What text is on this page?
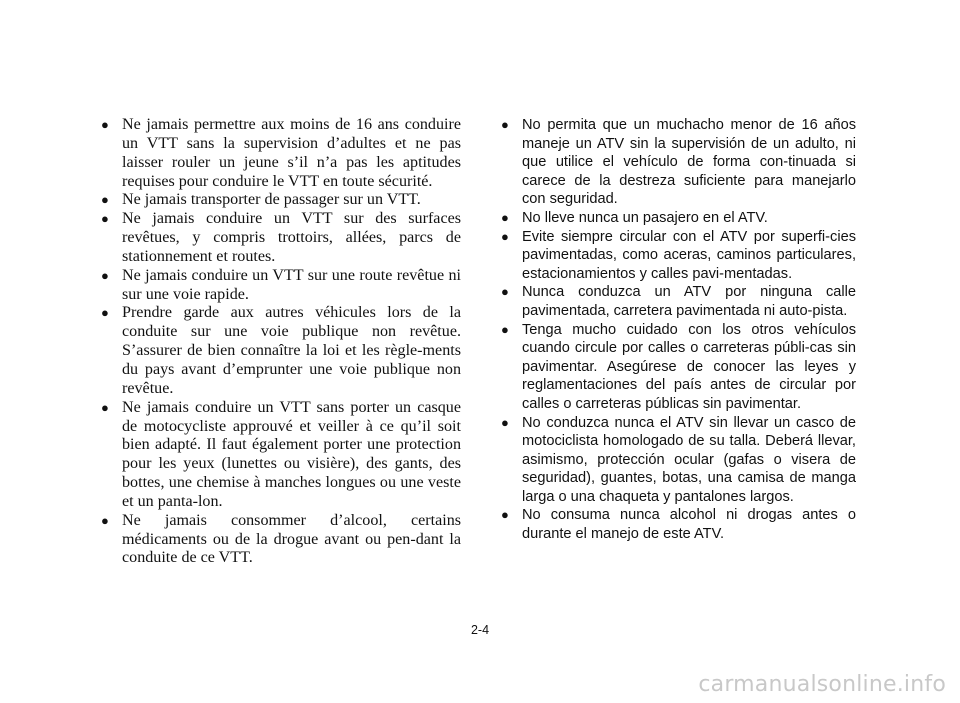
● Ne jamais permettre aux moins de 16 ans conduire un VTT sans la supervision d’adultes et ne pas laisser rouler un jeune s’il n’a pas les aptitudes requises pour conduire le VTT en toute sécurité.
● Ne jamais transporter de passager sur un VTT.
● Ne jamais conduire un VTT sur des surfaces revêtues, y compris trottoirs, allées, parcs de stationnement et routes.
● Ne jamais conduire un VTT sur une route revêtue ni sur une voie rapide.
● Prendre garde aux autres véhicules lors de la conduite sur une voie publique non revêtue. S’assurer de bien connaître la loi et les règle-ments du pays avant d’emprunter une voie publique non revêtue.
● Ne jamais conduire un VTT sans porter un casque de motocycliste approuvé et veiller à ce qu’il soit bien adapté. Il faut également porter une protection pour les yeux (lunettes ou visière), des gants, des bottes, une chemise à manches longues ou une veste et un panta-lon.
● Ne jamais consommer d’alcool, certains médicaments ou de la drogue avant ou pen-dant la conduite de ce VTT.
● No permita que un muchacho menor de 16 años maneje un ATV sin la supervisión de un adulto, ni que utilice el vehículo de forma con-tinuada si carece de la destreza suficiente para manejarlo con seguridad.
● No lleve nunca un pasajero en el ATV.
● Evite siempre circular con el ATV por superfi-cies pavimentadas, como aceras, caminos particulares, estacionamientos y calles pavi-mentadas.
● Nunca conduzca un ATV por ninguna calle pavimentada, carretera pavimentada ni auto-pista.
● Tenga mucho cuidado con los otros vehículos cuando circule por calles o carreteras públi-cas sin pavimentar. Asegúrese de conocer las leyes y reglamentaciones del país antes de circular por calles o carreteras públicas sin pavimentar.
● No conduzca nunca el ATV sin llevar un casco de motociclista homologado de su talla. Deberá llevar, asimismo, protección ocular (gafas o visera de seguridad), guantes, botas, una camisa de manga larga o una chaqueta y pantalones largos.
● No consuma nunca alcohol ni drogas antes o durante el manejo de este ATV.
2-4
carmanualsonline.info
